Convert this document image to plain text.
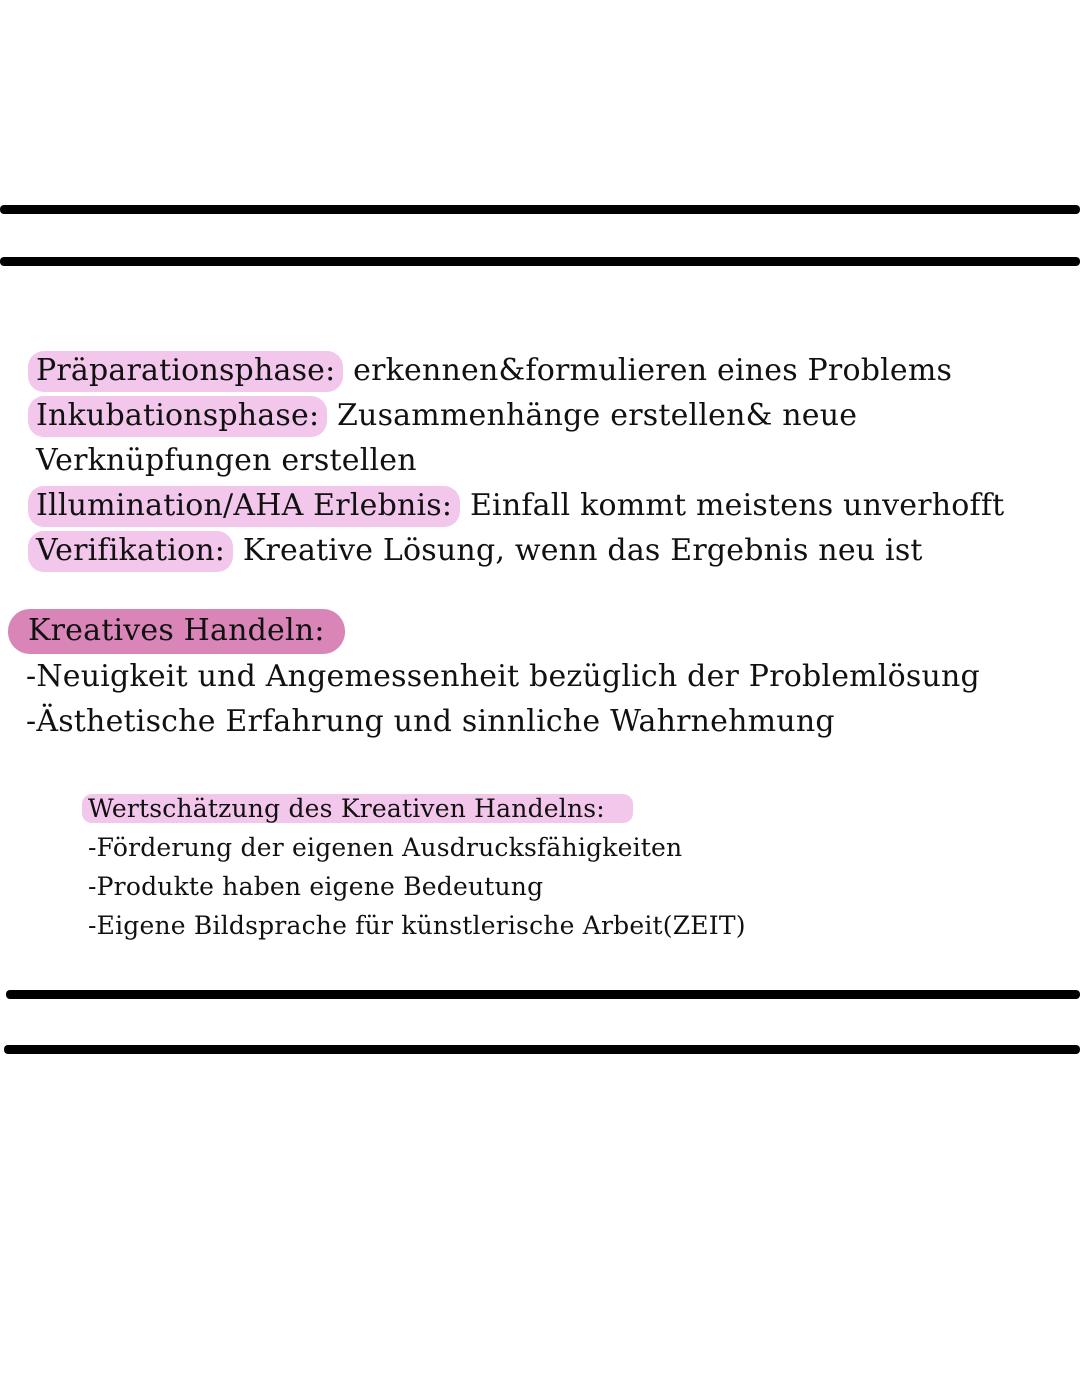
Präparationsphase: erkennen&formulieren eines Problems
Inkubationsphase: Zusammenhänge erstellen& neue
Verknüpfungen erstellen
Illumination/AHA Erlebnis: Einfall kommt meistens unverhofft
Verifikation: Kreative Lösung, wenn das Ergebnis neu ist
Kreatives Handeln:
-Neuigkeit und Angemessenheit bezüglich der Problemlösung
-Ästhetische Erfahrung und sinnliche Wahrnehmung
Wertschätzung des Kreativen Handelns:
-Förderung der eigenen Ausdrucksfähigkeiten
-Produkte haben eigene Bedeutung
-Eigene Bildsprache für künstlerische Arbeit(ZEIT)
